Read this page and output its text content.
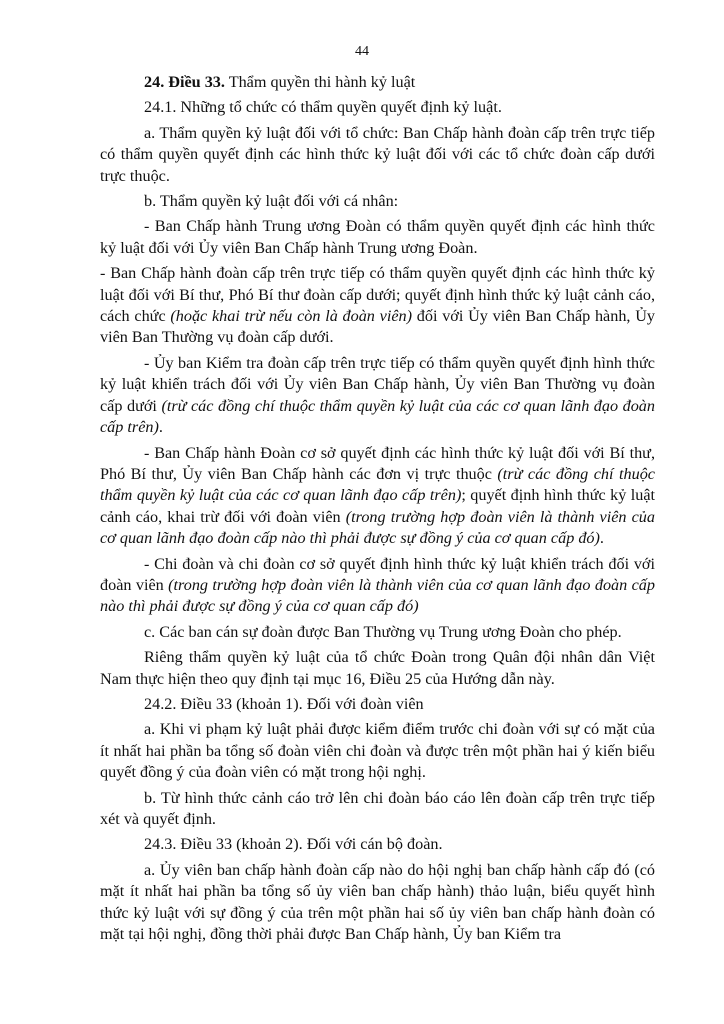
44

24. Điều 33. Thẩm quyền thi hành kỷ luật

24.1. Những tổ chức có thẩm quyền quyết định kỷ luật.

a. Thẩm quyền kỷ luật đối với tổ chức: Ban Chấp hành đoàn cấp trên trực tiếp có thẩm quyền quyết định các hình thức kỷ luật đối với các tổ chức đoàn cấp dưới trực thuộc.

b. Thẩm quyền kỷ luật đối với cá nhân:

- Ban Chấp hành Trung ương Đoàn có thẩm quyền quyết định các hình thức kỷ luật đối với Ủy viên Ban Chấp hành Trung ương Đoàn.

- Ban Chấp hành đoàn cấp trên trực tiếp có thẩm quyền quyết định các hình thức kỷ luật đối với Bí thư, Phó Bí thư đoàn cấp dưới; quyết định hình thức kỷ luật cảnh cáo, cách chức (hoặc khai trừ nếu còn là đoàn viên) đối với Ủy viên Ban Chấp hành, Ủy viên Ban Thường vụ đoàn cấp dưới.

- Ủy ban Kiểm tra đoàn cấp trên trực tiếp có thẩm quyền quyết định hình thức kỷ luật khiển trách đối với Ủy viên Ban Chấp hành, Ủy viên Ban Thường vụ đoàn cấp dưới (trừ các đồng chí thuộc thẩm quyền kỷ luật của các cơ quan lãnh đạo đoàn cấp trên).

- Ban Chấp hành Đoàn cơ sở quyết định các hình thức kỷ luật đối với Bí thư, Phó Bí thư, Ủy viên Ban Chấp hành các đơn vị trực thuộc (trừ các đồng chí thuộc thẩm quyền kỷ luật của các cơ quan lãnh đạo cấp trên); quyết định hình thức kỷ luật cảnh cáo, khai trừ đối với đoàn viên (trong trường hợp đoàn viên là thành viên của cơ quan lãnh đạo đoàn cấp nào thì phải được sự đồng ý của cơ quan cấp đó).

- Chi đoàn và chi đoàn cơ sở quyết định hình thức kỷ luật khiển trách đối với đoàn viên (trong trường hợp đoàn viên là thành viên của cơ quan lãnh đạo đoàn cấp nào thì phải được sự đồng ý của cơ quan cấp đó)

c. Các ban cán sự đoàn được Ban Thường vụ Trung ương Đoàn cho phép.

Riêng thẩm quyền kỷ luật của tổ chức Đoàn trong Quân đội nhân dân Việt Nam thực hiện theo quy định tại mục 16, Điều 25 của Hướng dẫn này.

24.2. Điều 33 (khoản 1). Đối với đoàn viên

a. Khi vi phạm kỷ luật phải được kiểm điểm trước chi đoàn với sự có mặt của ít nhất hai phần ba tổng số đoàn viên chi đoàn và được trên một phần hai ý kiến biểu quyết đồng ý của đoàn viên có mặt trong hội nghị.

b. Từ hình thức cảnh cáo trở lên chi đoàn báo cáo lên đoàn cấp trên trực tiếp xét và quyết định.

24.3. Điều 33 (khoản 2). Đối với cán bộ đoàn.

a. Ủy viên ban chấp hành đoàn cấp nào do hội nghị ban chấp hành cấp đó (có mặt ít nhất hai phần ba tổng số ủy viên ban chấp hành) thảo luận, biểu quyết hình thức kỷ luật với sự đồng ý của trên một phần hai số ủy viên ban chấp hành đoàn có mặt tại hội nghị, đồng thời phải được Ban Chấp hành, Ủy ban Kiểm tra
